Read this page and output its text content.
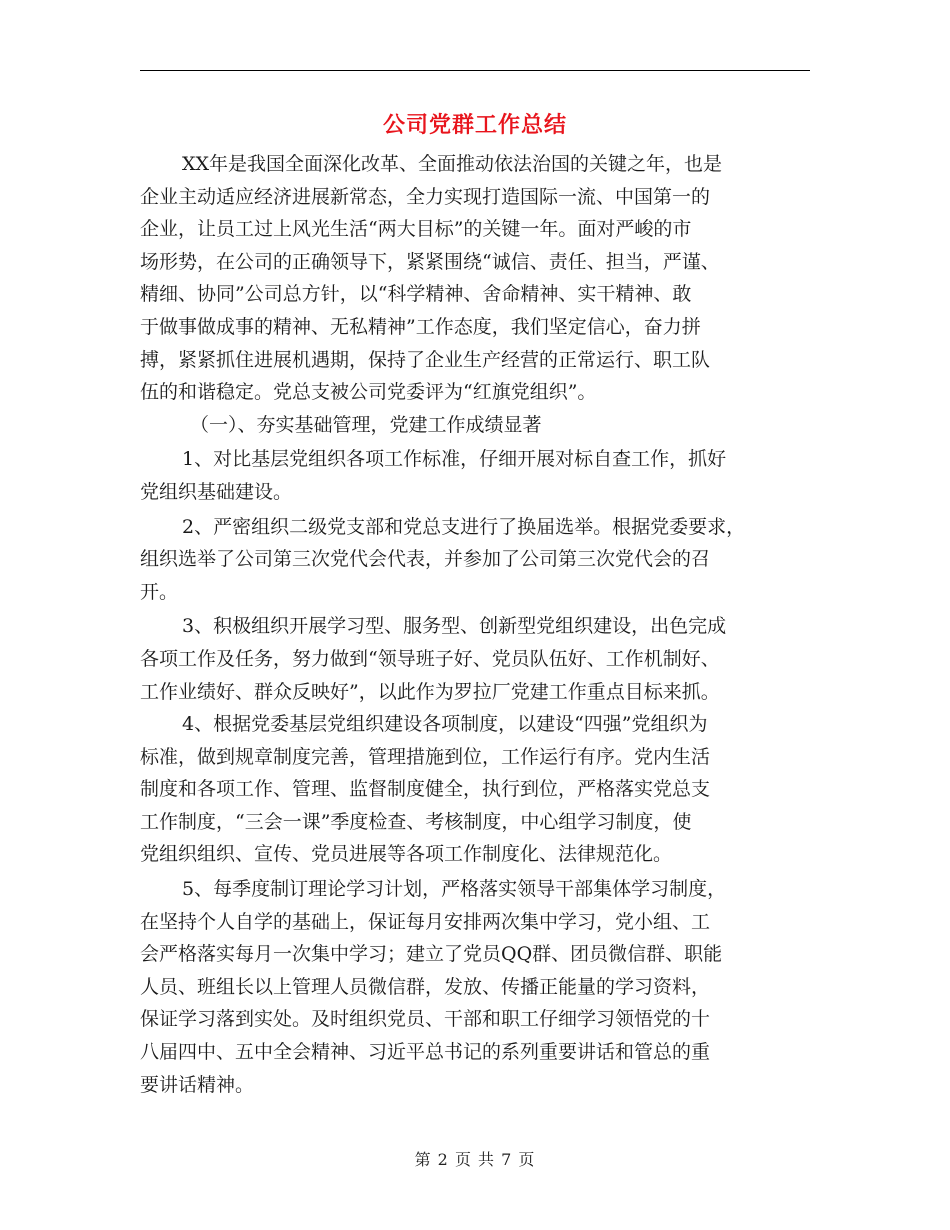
公司党群工作总结
XX年是我国全面深化改革、全面推动依法治国的关键之年，也是
企业主动适应经济进展新常态，全力实现打造国际一流、中国第一的
企业，让员工过上风光生活“两大目标”的关键一年。面对严峻的市
场形势，在公司的正确领导下，紧紧围绕“诚信、责任、担当，严谨、
精细、协同”公司总方针，以“科学精神、舍命精神、实干精神、敢
于做事做成事的精神、无私精神”工作态度，我们坚定信心，奋力拼
搏，紧紧抓住进展机遇期，保持了企业生产经营的正常运行、职工队
伍的和谐稳定。党总支被公司党委评为“红旗党组织”。
（一）、夯实基础管理，党建工作成绩显著
1、对比基层党组织各项工作标准，仔细开展对标自查工作，抓好
党组织基础建设。
2、严密组织二级党支部和党总支进行了换届选举。根据党委要求，
组织选举了公司第三次党代会代表，并参加了公司第三次党代会的召
开。
3、积极组织开展学习型、服务型、创新型党组织建设，出色完成
各项工作及任务，努力做到“领导班子好、党员队伍好、工作机制好、
工作业绩好、群众反映好”，以此作为罗拉厂党建工作重点目标来抓。
4、根据党委基层党组织建设各项制度，以建设“四强”党组织为
标准，做到规章制度完善，管理措施到位，工作运行有序。党内生活
制度和各项工作、管理、监督制度健全，执行到位，严格落实党总支
工作制度，“三会一课”季度检查、考核制度，中心组学习制度，使
党组织组织、宣传、党员进展等各项工作制度化、法律规范化。
5、每季度制订理论学习计划，严格落实领导干部集体学习制度，
在坚持个人自学的基础上，保证每月安排两次集中学习，党小组、工
会严格落实每月一次集中学习；建立了党员QQ群、团员微信群、职能
人员、班组长以上管理人员微信群，发放、传播正能量的学习资料，
保证学习落到实处。及时组织党员、干部和职工仔细学习领悟党的十
八届四中、五中全会精神、习近平总书记的系列重要讲话和管总的重
要讲话精神。
第 2 页 共 7 页
